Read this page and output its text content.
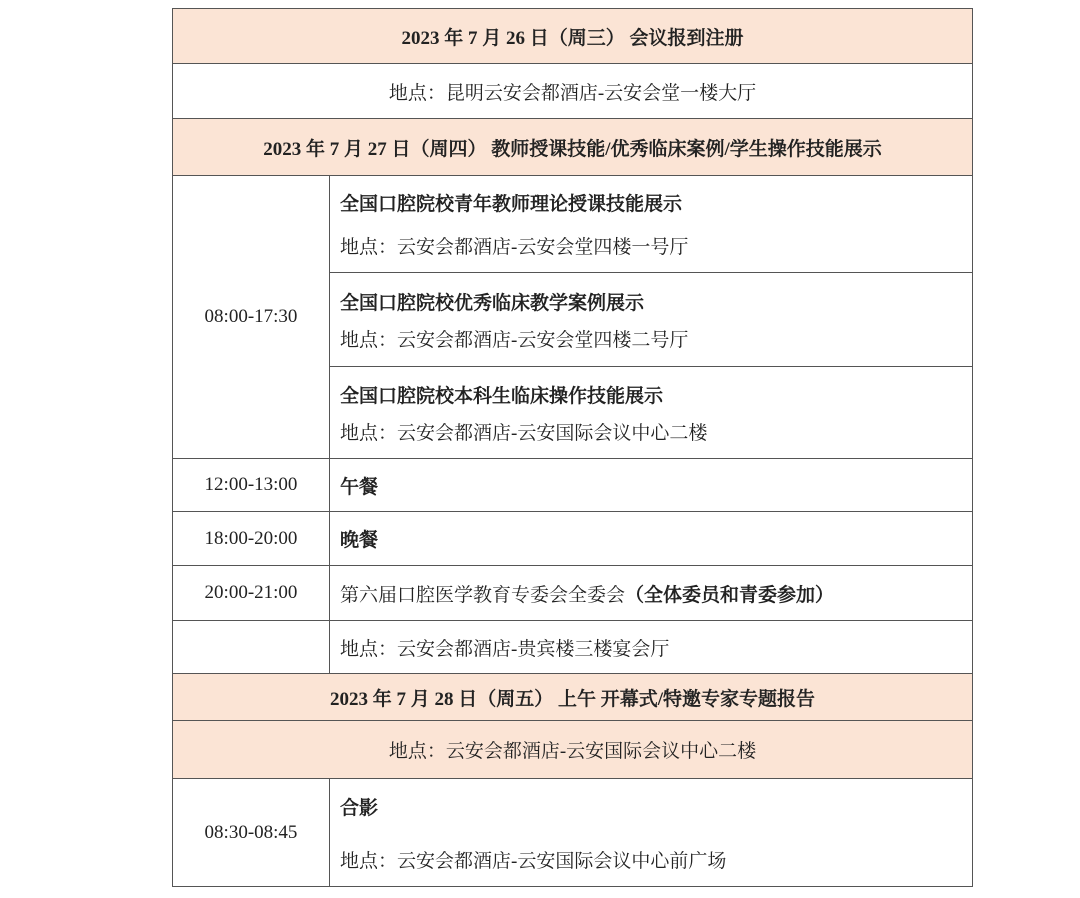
2023 年 7 月 26 日（周三） 会议报到注册	
地点：昆明云安会都酒店-云安会堂一楼大厅	
2023 年 7 月 27 日（周四） 教师授课技能/优秀临床案例/学生操作技能展示	
08:00-17:30	全国口腔院校青年教师理论授课技能展示
地点：云安会都酒店-云安会堂四楼一号厅

	全国口腔院校优秀临床教学案例展示
地点：云安会都酒店-云安会堂四楼二号厅

	全国口腔院校本科生临床操作技能展示
地点：云安会都酒店-云安国际会议中心二楼

12:00-13:00	午餐

18:00-20:00	晚餐

20:00-21:00	第六届口腔医学教育专委会全委会（全体委员和青委参加）
	地点：云安会都酒店-贵宾楼三楼宴会厅
2023 年 7 月 28 日（周五） 上午 开幕式/特邀专家专题报告	
地点：云安会都酒店-云安国际会议中心二楼	
08:30-08:45	合影
地点：云安会都酒店-云安国际会议中心前广场
